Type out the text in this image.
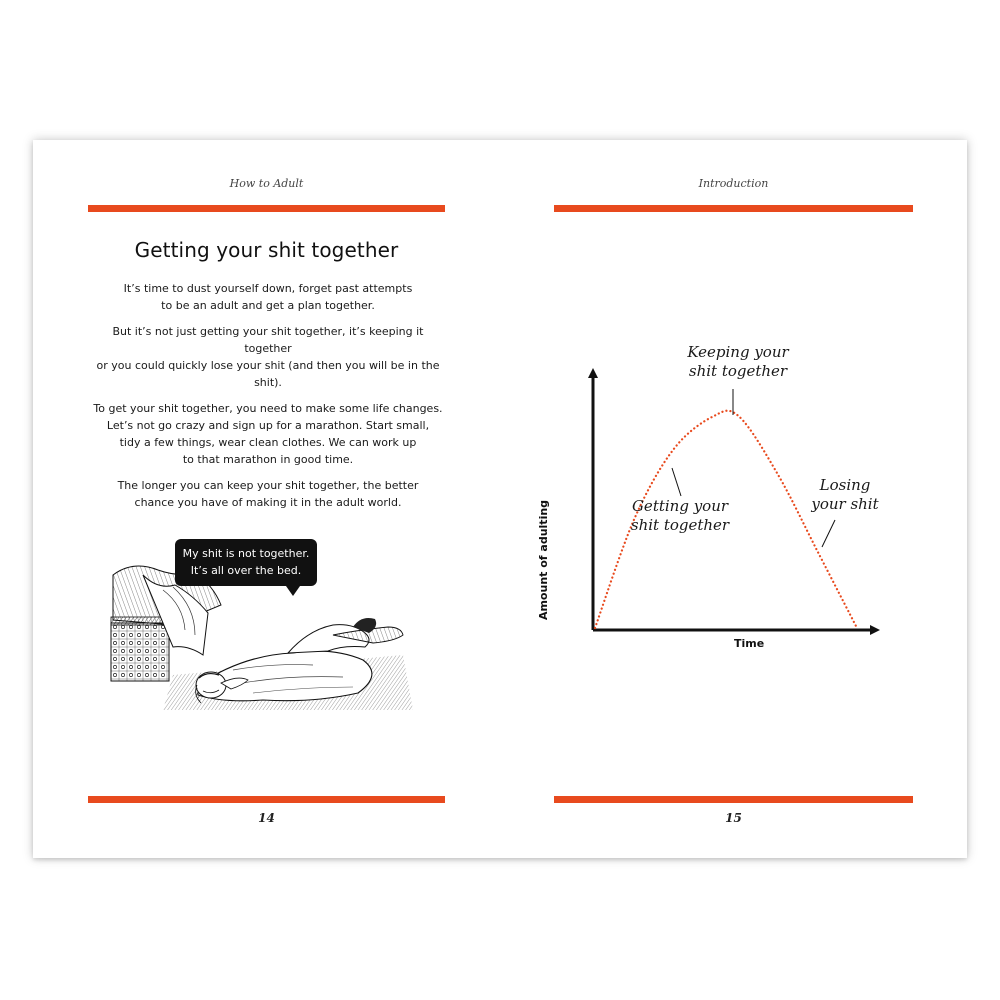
How to Adult
Getting your shit together

It’s time to dust yourself down, forget past attempts
to be an adult and get a plan together.

But it’s not just getting your shit together, it’s keeping it together
or you could quickly lose your shit (and then you will be in the shit).

To get your shit together, you need to make some life changes.
Let’s not go crazy and sign up for a marathon. Start small,
tidy a few things, wear clean clothes. We can work up
to that marathon in good time.

The longer you can keep your shit together, the better
chance you have of making it in the adult world.

My shit is not together.
It’s all over the bed.
14
Introduction
Keeping your
shit together
Getting your
shit together
Losing
your shit
Time
Amount of adulting
15
